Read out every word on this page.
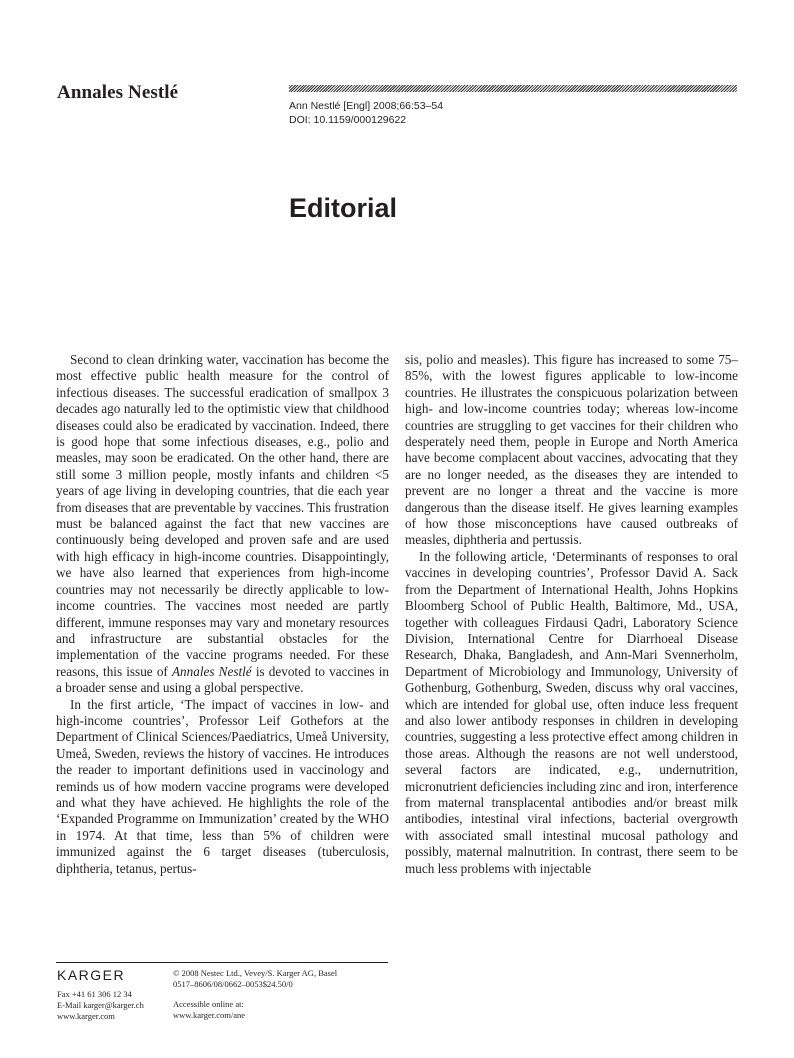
Annales Nestlé
Ann Nestlé [Engl] 2008;66:53–54
DOI: 10.1159/000129622
Editorial

Second to clean drinking water, vaccination has become the most effective public health measure for the control of infectious diseases. The successful eradication of smallpox 3 decades ago naturally led to the optimistic view that childhood diseases could also be eradicated by vaccination. Indeed, there is good hope that some infectious diseases, e.g., polio and measles, may soon be eradicated. On the other hand, there are still some 3 million people, mostly infants and children <5 years of age living in developing countries, that die each year from diseases that are preventable by vaccines. This frustration must be balanced against the fact that new vaccines are continuously being developed and proven safe and are used with high efficacy in high-income countries. Disappointingly, we have also learned that experiences from high-income countries may not necessarily be directly applicable to low-income countries. The vaccines most needed are partly different, immune responses may vary and monetary resources and infrastructure are substantial obstacles for the implementation of the vaccine programs needed. For these reasons, this issue of Annales Nestlé is devoted to vaccines in a broader sense and using a global perspective.

In the first article, ‘The impact of vaccines in low- and high-income countries’, Professor Leif Gothefors at the Department of Clinical Sciences/Paediatrics, Umeå University, Umeå, Sweden, reviews the history of vaccines. He introduces the reader to important definitions used in vaccinology and reminds us of how modern vaccine programs were developed and what they have achieved. He highlights the role of the ‘Expanded Programme on Immunization’ created by the WHO in 1974. At that time, less than 5% of children were immunized against the 6 target diseases (tuberculosis, diphtheria, tetanus, pertus-

sis, polio and measles). This figure has increased to some 75–85%, with the lowest figures applicable to low-income countries. He illustrates the conspicuous polarization between high- and low-income countries today; whereas low-income countries are struggling to get vaccines for their children who desperately need them, people in Europe and North America have become complacent about vaccines, advocating that they are no longer needed, as the diseases they are intended to prevent are no longer a threat and the vaccine is more dangerous than the disease itself. He gives learning examples of how those misconceptions have caused outbreaks of measles, diphtheria and pertussis.

In the following article, ‘Determinants of responses to oral vaccines in developing countries’, Professor David A. Sack from the Department of International Health, Johns Hopkins Bloomberg School of Public Health, Baltimore, Md., USA, together with colleagues Firdausi Qadri, Laboratory Science Division, International Centre for Diarrhoeal Disease Research, Dhaka, Bangladesh, and Ann-Mari Svennerholm, Department of Microbiology and Immunology, University of Gothenburg, Gothenburg, Sweden, discuss why oral vaccines, which are intended for global use, often induce less frequent and also lower antibody responses in children in developing countries, suggesting a less protective effect among children in those areas. Although the reasons are not well understood, several factors are indicated, e.g., undernutrition, micronutrient deficiencies including zinc and iron, interference from maternal transplacental antibodies and/or breast milk antibodies, intestinal viral infections, bacterial overgrowth with associated small intestinal mucosal pathology and possibly, maternal malnutrition. In contrast, there seem to be much less problems with injectable

KARGER
Fax +41 61 306 12 34
E-Mail karger@karger.ch
www.karger.com
© 2008 Nestec Ltd., Vevey/S. Karger AG, Basel
0517–8606/08/0662–0053$24.50/0
Accessible online at:
www.karger.com/ane
